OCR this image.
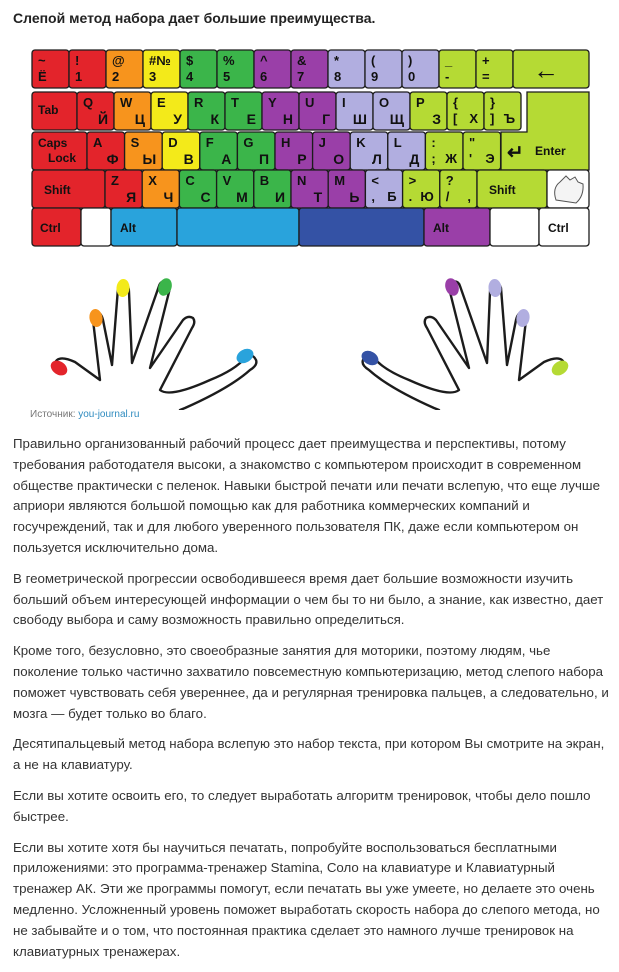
Слепой метод набора дает большие преимущества.
~
Ё
!
1
@
2
#№
3
$
4
%
5
^
6
&
7
*
8
(
9
)
0
_
-
+
= ←
Tab Q
Й
W
Ц
E
У
R
К
T
Е
Y
Н
U
Г
I
Ш
O
Щ
P
З
{
[ Х
}
] Ъ
↵ Enter
Caps
Lock
A
Ф
S
Ы
D
В
F
А
G
П
H
Р
J
О
K
Л
L
Д
:
; Ж
"
' Э
Shift
Z
Я
X
Ч
C
С
V
М
B
И
N
Т
M
Ь
<
, Б
>
. Ю
?
/ , Shift
Ctrl	Alt	Alt	Ctrl
Источник: you-journal.ru

Правильно организованный рабочий процесс дает преимущества и перспективы, потому требования работодателя высоки, а знакомство с компьютером происходит в современном обществе практически с пеленок. Навыки быстрой печати или печати вслепую, что еще лучше априори являются большой помощью как для работника коммерческих компаний и госучреждений, так и для любого уверенного пользователя ПК, даже если компьютером он пользуется исключительно дома.

В геометрической прогрессии освободившееся время дает большие возможности изучить больший объем интересующей информации о чем бы то ни было, а знание, как известно, дает свободу выбора и саму возможность правильно определиться.

Кроме того, безусловно, это своеобразные занятия для моторики, поэтому людям, чье поколение только частично захватило повсеместную компьютеризацию, метод слепого набора поможет чувствовать себя увереннее, да и регулярная тренировка пальцев, а следовательно, и мозга — будет только во благо.

Десятипальцевый метод набора вслепую это набор текста, при котором Вы смотрите на экран, а не на клавиатуру.

Если вы хотите освоить его, то следует выработать алгоритм тренировок, чтобы дело пошло быстрее.

Если вы хотите хотя бы научиться печатать, попробуйте воспользоваться бесплатными приложениями: это программа-тренажер Stamina, Соло на клавиатуре и Клавиатурный тренажер АК. Эти же программы помогут, если печатать вы уже умеете, но делаете это очень медленно. Усложненный уровень поможет выработать скорость набора до слепого метода, но не забывайте и о том, что постоянная практика сделает это намного лучше тренировок на клавиатурных тренажерах.
